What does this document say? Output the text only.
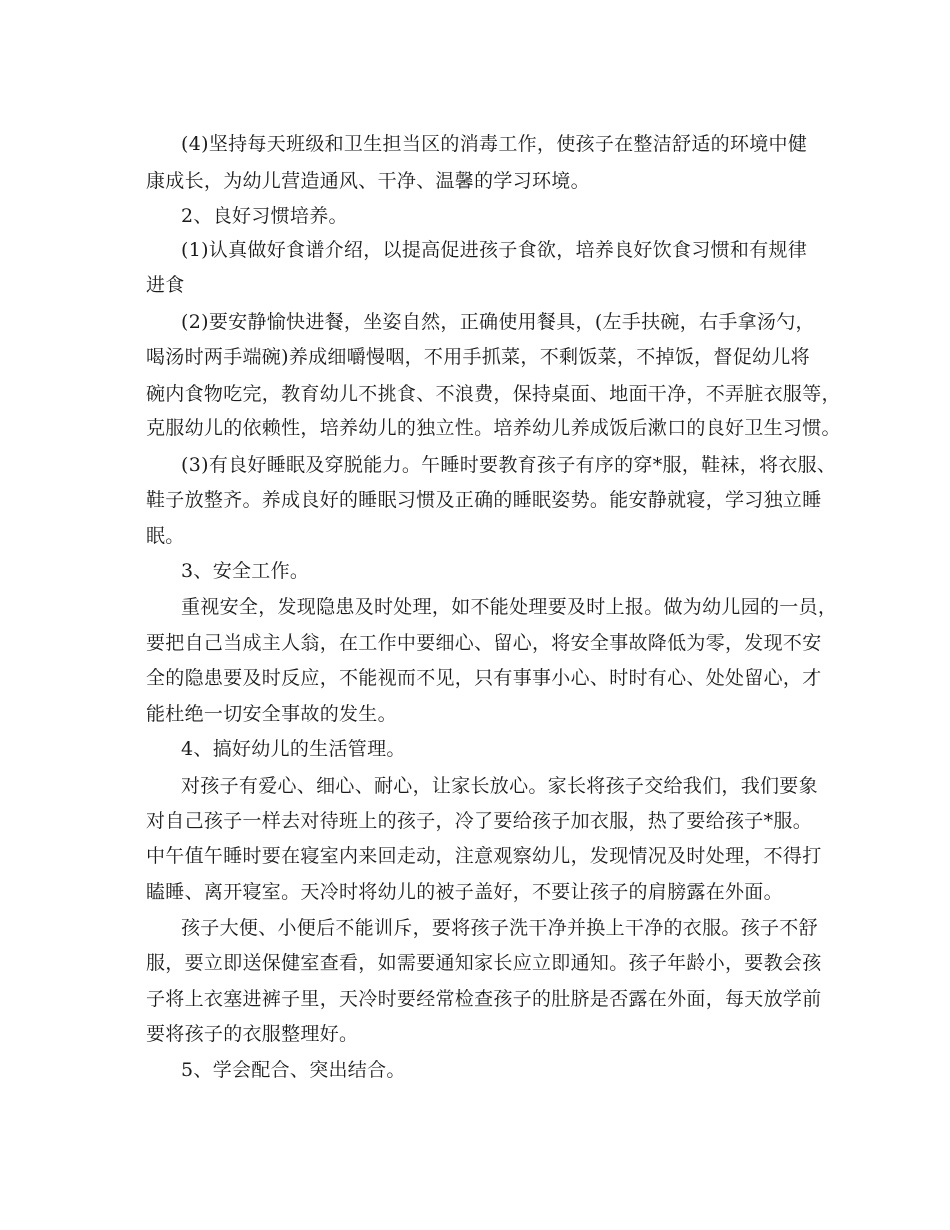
(4)坚持每天班级和卫生担当区的消毒工作，使孩子在整洁舒适的环境中健
康成长，为幼儿营造通风、干净、温馨的学习环境。
2、良好习惯培养。
(1)认真做好食谱介绍，以提高促进孩子食欲，培养良好饮食习惯和有规律
进食
(2)要安静愉快进餐，坐姿自然，正确使用餐具，(左手扶碗，右手拿汤勺，
喝汤时两手端碗)养成细嚼慢咽，不用手抓菜，不剩饭菜，不掉饭，督促幼儿将
碗内食物吃完，教育幼儿不挑食、不浪费，保持桌面、地面干净，不弄脏衣服等，
克服幼儿的依赖性，培养幼儿的独立性。培养幼儿养成饭后漱口的良好卫生习惯。
(3)有良好睡眠及穿脱能力。午睡时要教育孩子有序的穿*服，鞋袜，将衣服、
鞋子放整齐。养成良好的睡眠习惯及正确的睡眠姿势。能安静就寝，学习独立睡
眠。
3、安全工作。
重视安全，发现隐患及时处理，如不能处理要及时上报。做为幼儿园的一员，
要把自己当成主人翁，在工作中要细心、留心，将安全事故降低为零，发现不安
全的隐患要及时反应，不能视而不见，只有事事小心、时时有心、处处留心，才
能杜绝一切安全事故的发生。
4、搞好幼儿的生活管理。
对孩子有爱心、细心、耐心，让家长放心。家长将孩子交给我们，我们要象
对自己孩子一样去对待班上的孩子，冷了要给孩子加衣服，热了要给孩子*服。
中午值午睡时要在寝室内来回走动，注意观察幼儿，发现情况及时处理，不得打
瞌睡、离开寝室。天冷时将幼儿的被子盖好，不要让孩子的肩膀露在外面。
孩子大便、小便后不能训斥，要将孩子洗干净并换上干净的衣服。孩子不舒
服，要立即送保健室查看，如需要通知家长应立即通知。孩子年龄小，要教会孩
子将上衣塞进裤子里，天冷时要经常检查孩子的肚脐是否露在外面，每天放学前
要将孩子的衣服整理好。
5、学会配合、突出结合。
